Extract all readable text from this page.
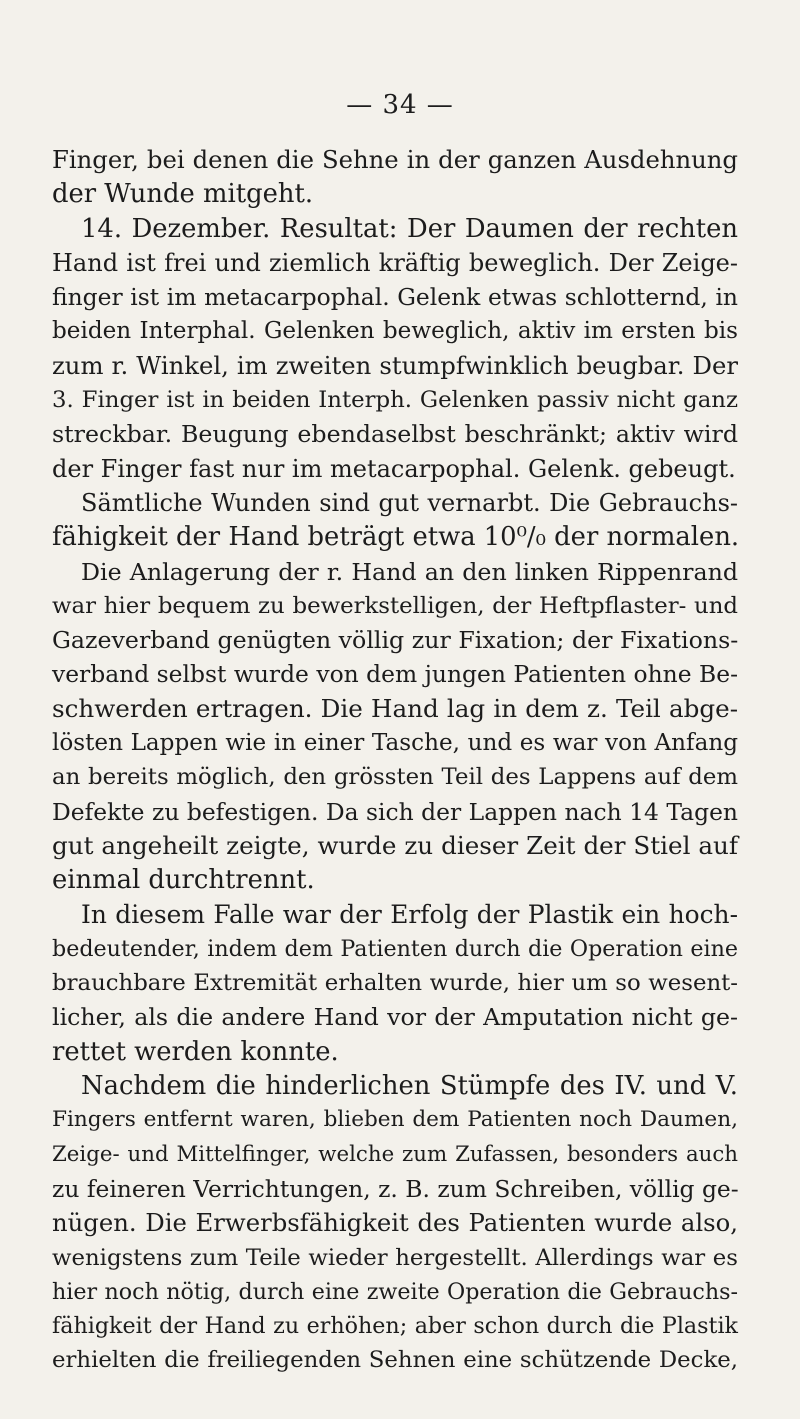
— 34 —
Finger, bei denen die Sehne in der ganzen Ausdehnung
der Wunde mitgeht.
14. Dezember. Resultat: Der Daumen der rechten
Hand ist frei und ziemlich kräftig beweglich. Der Zeige-
finger ist im metacarpophal. Gelenk etwas schlotternd, in
beiden Interphal. Gelenken beweglich, aktiv im ersten bis
zum r. Winkel, im zweiten stumpfwinklich beugbar. Der
3. Finger ist in beiden Interph. Gelenken passiv nicht ganz
streckbar. Beugung ebendaselbst beschränkt; aktiv wird
der Finger fast nur im metacarpophal. Gelenk. gebeugt.
Sämtliche Wunden sind gut vernarbt. Die Gebrauchs-
fähigkeit der Hand beträgt etwa 10⁰/₀ der normalen.
Die Anlagerung der r. Hand an den linken Rippenrand
war hier bequem zu bewerkstelligen, der Heftpflaster- und
Gazeverband genügten völlig zur Fixation; der Fixations-
verband selbst wurde von dem jungen Patienten ohne Be-
schwerden ertragen. Die Hand lag in dem z. Teil abge-
lösten Lappen wie in einer Tasche, und es war von Anfang
an bereits möglich, den grössten Teil des Lappens auf dem
Defekte zu befestigen. Da sich der Lappen nach 14 Tagen
gut angeheilt zeigte, wurde zu dieser Zeit der Stiel auf
einmal durchtrennt.
In diesem Falle war der Erfolg der Plastik ein hoch-
bedeutender, indem dem Patienten durch die Operation eine
brauchbare Extremität erhalten wurde, hier um so wesent-
licher, als die andere Hand vor der Amputation nicht ge-
rettet werden konnte.
Nachdem die hinderlichen Stümpfe des IV. und V.
Fingers entfernt waren, blieben dem Patienten noch Daumen,
Zeige- und Mittelfinger, welche zum Zufassen, besonders auch
zu feineren Verrichtungen, z. B. zum Schreiben, völlig ge-
nügen. Die Erwerbsfähigkeit des Patienten wurde also,
wenigstens zum Teile wieder hergestellt. Allerdings war es
hier noch nötig, durch eine zweite Operation die Gebrauchs-
fähigkeit der Hand zu erhöhen; aber schon durch die Plastik
erhielten die freiliegenden Sehnen eine schützende Decke,
